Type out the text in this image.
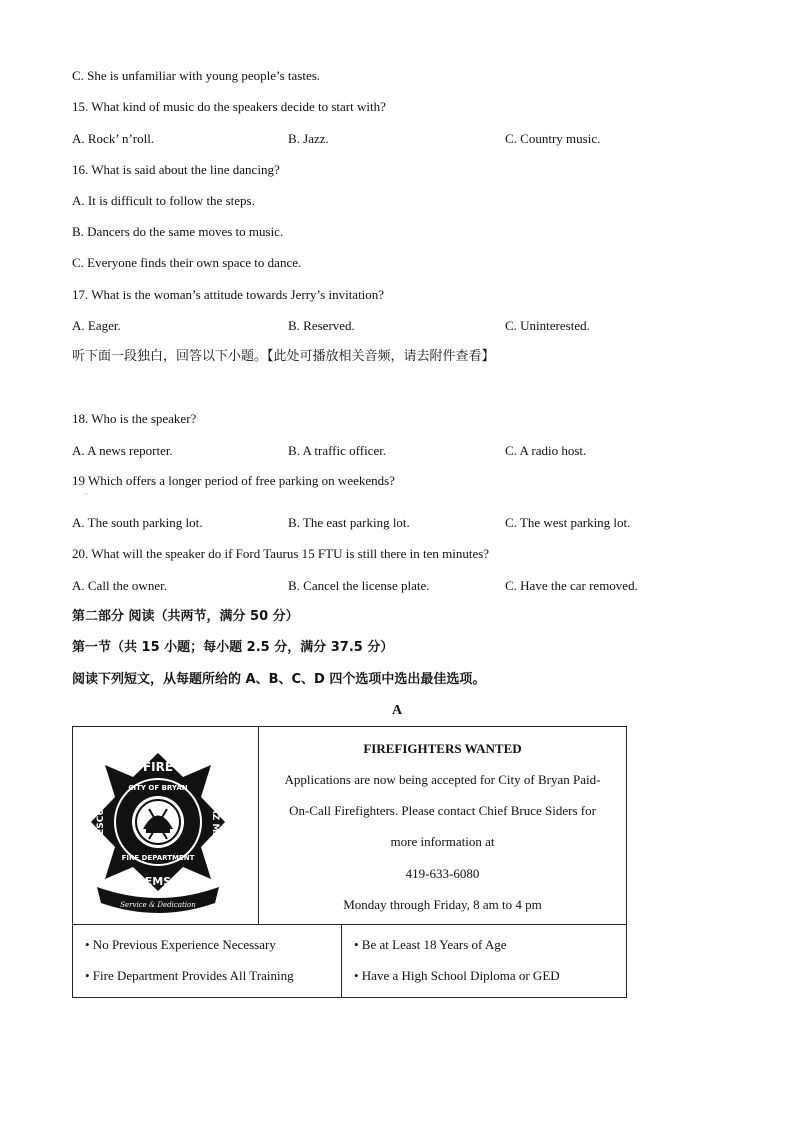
C. She is unfamiliar with young people’s tastes.
15. What kind of music do the speakers decide to start with?
A. Rock’ n’roll.	B. Jazz.	C. Country music.
16. What is said about the line dancing?
A. It is difficult to follow the steps.
B. Dancers do the same moves to music.
C. Everyone finds their own space to dance.
17. What is the woman’s attitude towards Jerry’s invitation?
A. Eager.	B. Reserved.	C. Uninterested.
听下面一段独白，回答以下小题。【此处可播放相关音频，请去附件查看】
18. Who is the speaker?
A. A news reporter.	B. A traffic officer.	C. A radio host.
19 Which offers a longer period of free parking on weekends?
·
A. The south parking lot.	B. The east parking lot.	C. The west parking lot.
20. What will the speaker do if Ford Taurus 15 FTU is still there in ten minutes?
A. Call the owner.	B. Cancel the license plate.	C. Have the car removed.
第二部分 阅读（共两节，满分 50 分）
第一节（共 15 小题；每小题 2.5 分，满分 37.5 分）
阅读下列短文，从每题所给的 A、B、C、D 四个选项中选出最佳选项。
A
FIRE
EMS
RESCUE	HAZ MAT
CITY OF BRYAN
FIRE DEPARTMENT
Service & Dedication
FIREFIGHTERS WANTED
Applications are now being accepted for City of Bryan Paid-
On-Call Firefighters. Please contact Chief Bruce Siders for
more information at
419-633-6080
Monday through Friday, 8 am to 4 pm
• No Previous Experience Necessary
• Fire Department Provides All Training
• Be at Least 18 Years of Age
• Have a High School Diploma or GED
